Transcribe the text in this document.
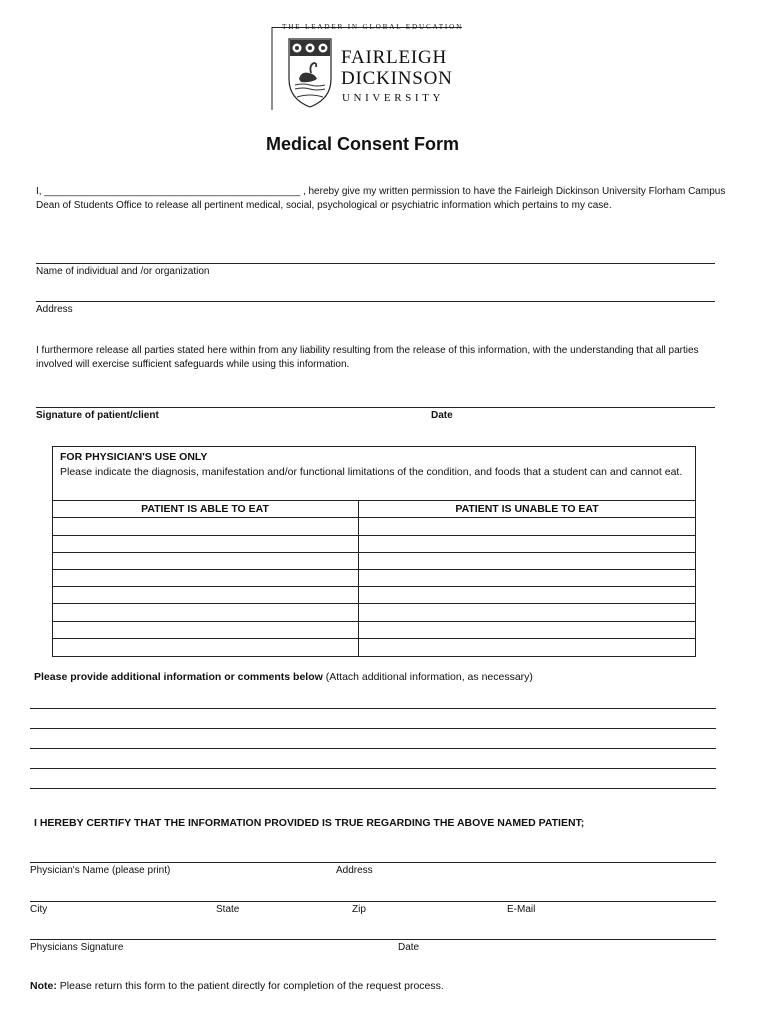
THE LEADER IN GLOBAL EDUCATION
FAIRLEIGH
DICKINSON
UNIVERSITY
Medical Consent Form
I, ______________________________________________ , hereby give my written permission to have the Fairleigh Dickinson University Florham Campus Dean of Students Office to release all pertinent medical, social, psychological or psychiatric information which pertains to my case.
Name of individual and /or organization
Address
I furthermore release all parties stated here within from any liability resulting from the release of this information, with the understanding that all parties involved will exercise sufficient safeguards while using this information.
Signature of patient/client	Date
FOR PHYSICIAN'S USE ONLY
Please indicate the diagnosis, manifestation and/or functional limitations of the condition, and foods that a student can and cannot eat.
PATIENT IS ABLE TO EAT	PATIENT IS UNABLE TO EAT
Please provide additional information or comments below (Attach additional information, as necessary)
I HEREBY CERTIFY THAT THE INFORMATION PROVIDED IS TRUE REGARDING THE ABOVE NAMED PATIENT;
Physician's Name (please print)	Address
City	State	Zip	E-Mail
Physicians Signature	Date
Note: Please return this form to the patient directly for completion of the request process.
